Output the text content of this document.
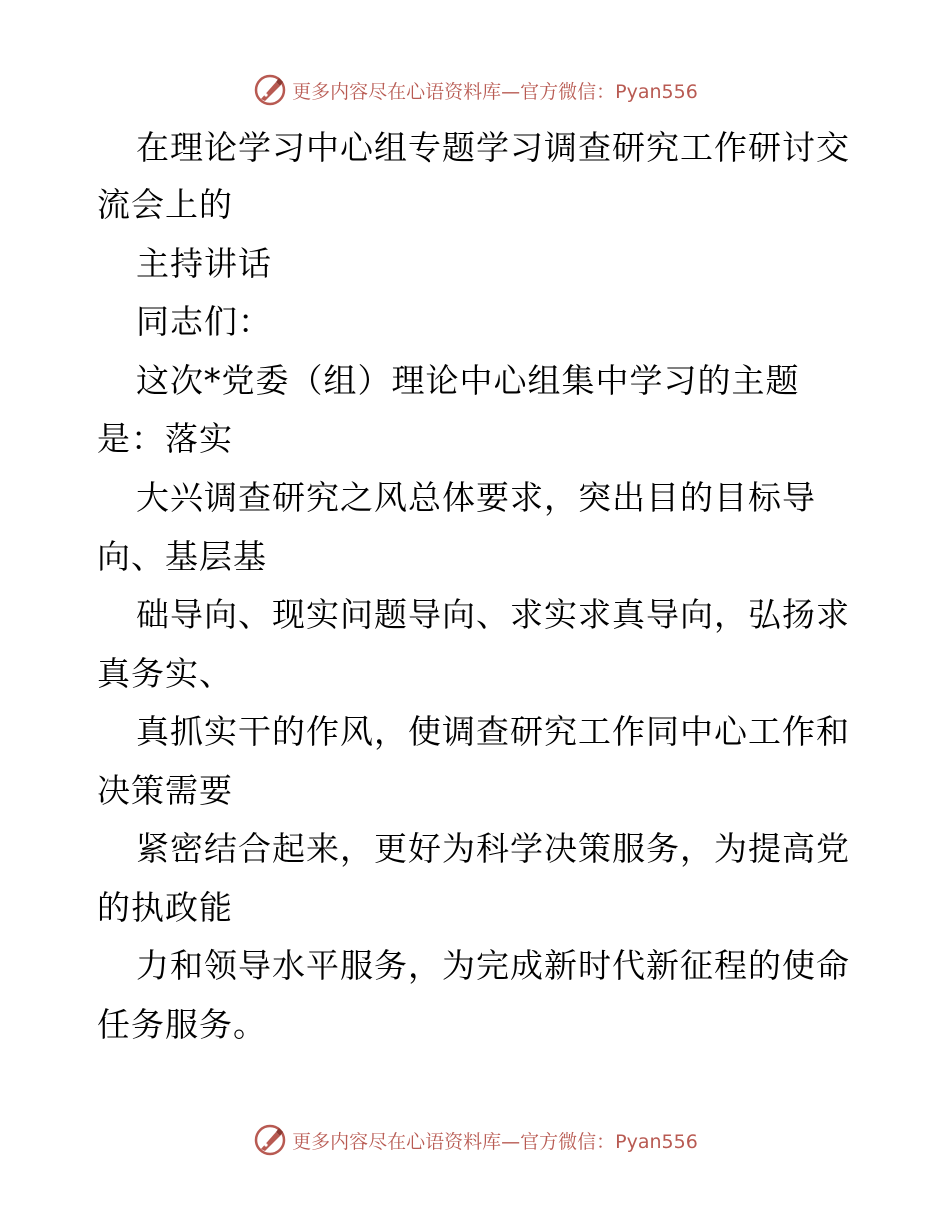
更多内容尽在心语资料库—官方微信：Pyan556
在理论学习中心组专题学习调查研究工作研讨交
流会上的
主持讲话
同志们：
这次*党委（组）理论中心组集中学习的主题
是：落实
大兴调查研究之风总体要求，突出目的目标导
向、基层基
础导向、现实问题导向、求实求真导向，弘扬求
真务实、
真抓实干的作风，使调查研究工作同中心工作和
决策需要
紧密结合起来，更好为科学决策服务，为提高党
的执政能
力和领导水平服务，为完成新时代新征程的使命
任务服务。
更多内容尽在心语资料库—官方微信：Pyan556
